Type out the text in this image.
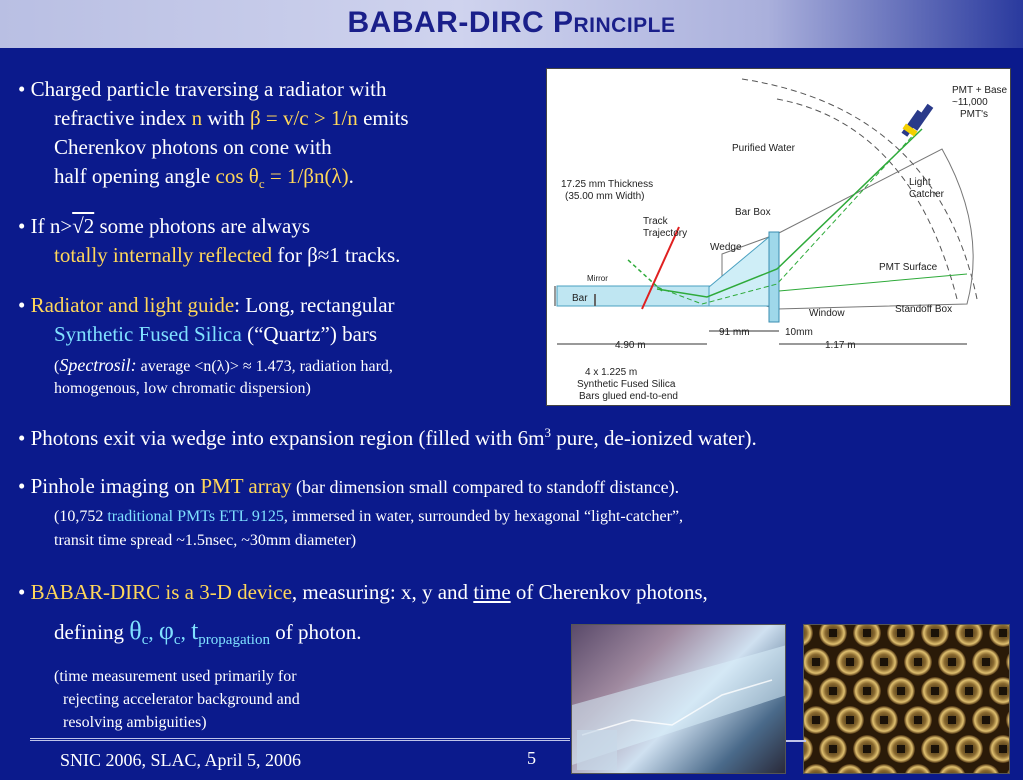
BABAR-DIRC Principle
• Charged particle traversing a radiator with
refractive index n with β = v/c > 1/n emits
Cherenkov photons on cone with
half opening angle $\cos \theta_c = 1/\beta n(\lambda)$.
• If n>√2 some photons are always
totally internally reflected for β≈1 tracks.
• Radiator and light guide: Long, rectangular
Synthetic Fused Silica (“Quartz”) bars
(Spectrosil: average <n(λ)> ≈ 1.473, radiation hard,
homogenous, low chromatic dispersion)
• Photons exit via wedge into expansion region (filled with $6m^3$ pure, de-ionized water).
• Pinhole imaging on PMT array (bar dimension small compared to standoff distance).
(10,752 traditional PMTs ETL 9125, immersed in water, surrounded by hexagonal “light-catcher”,
transit time spread ~1.5nsec, ~30mm diameter)
• BABAR-DIRC is a 3-D device, measuring: x, y and time of Cherenkov photons,
defining $\theta_c$, $\varphi_c$, $t_{propagation}$ of photon.
(time measurement used primarily for
rejecting accelerator background and
resolving ambiguities)
PMT + Base
~11,000
PMT's
Purified Water
17.25 mm Thickness
(35.00 mm Width)
Track
Trajectory
Bar Box
Wedge
Light
Catcher
PMT Surface
Mirror
Bar
Window	Standoff Box
91 mm	10mm
4.90 m	1.17 m
4 x 1.225 m
Synthetic Fused Silica
Bars glued end-to-end
SNIC 2006, SLAC, April 5, 2006	5
